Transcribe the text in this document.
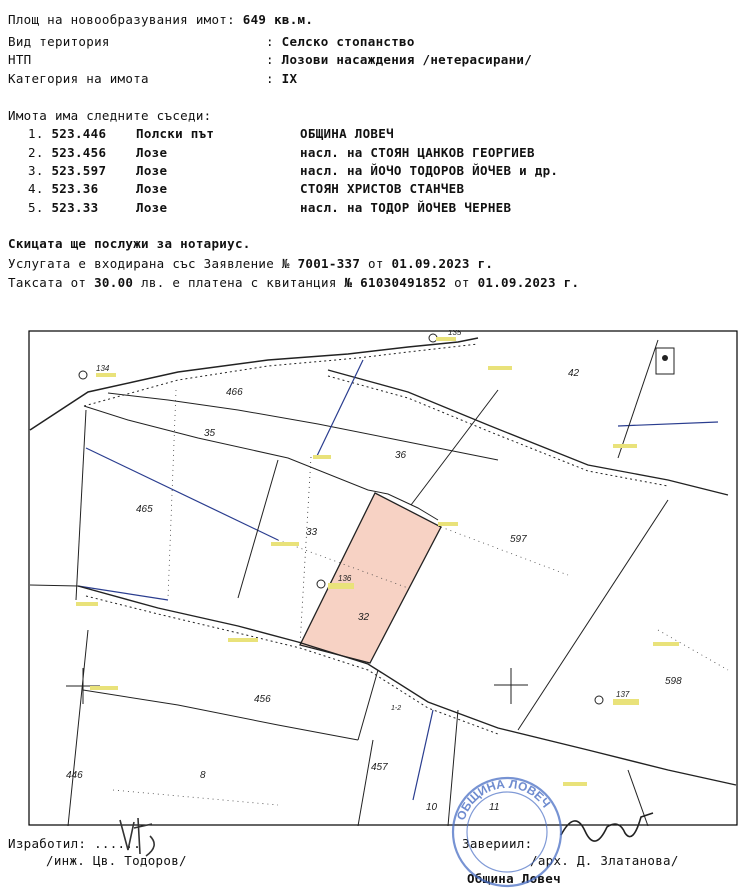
Площ на новообразувания имот: 649 кв.м.
Вид територия	: Селско стопанство
НТП	: Лозови насаждения /нетерасирани/
Категория на имота	: IX
Имота има следните съседи:
1. 523.446 Полски път	ОБЩИНА ЛОВЕЧ
2. 523.456 Лозе	насл. на СТОЯН ЦАНКОВ ГЕОРГИЕВ
3. 523.597 Лозе	насл. на ЙОЧО ТОДОРОВ ЙОЧЕВ и др.
4. 523.36	Лозе	СТОЯН ХРИСТОВ СТАНЧЕВ
5. 523.33	Лозе	насл. на ТОДОР ЙОЧЕВ ЧЕРНЕВ
Скицата ще послужи за нотариус.
Услугата е входирана със Заявление № 7001-337 от 01.09.2023 г.
Таксата от 30.00 лв. е платена с квитанция № 61030491852 от 01.09.2023 г.
466
35
36
42
465
33
597
32
456
598
446	8
457
10	11
1-2
134
135
136
137
Изработил: ......
/инж. Цв. Тодоров/
Завериил:
/арх. Д. Златанова/
Община Ловеч
ОБЩИНА ЛОВЕЧ
